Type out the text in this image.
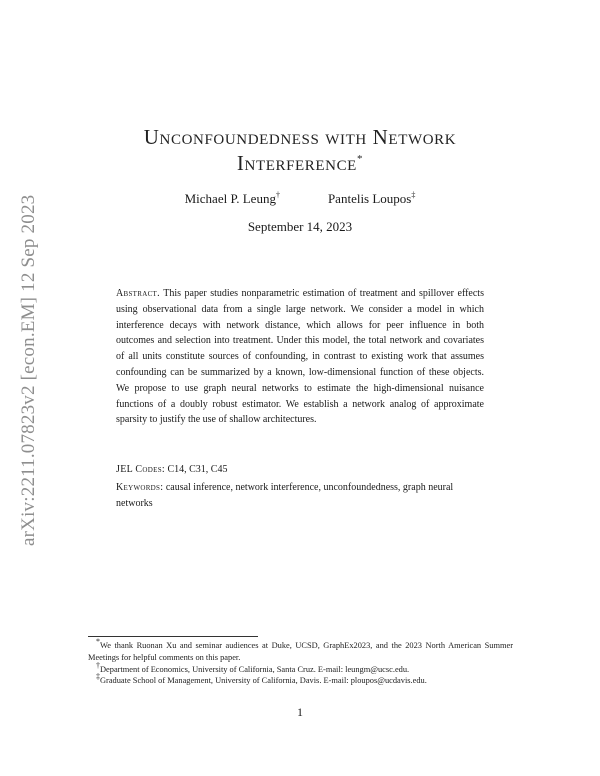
arXiv:2211.07823v2 [econ.EM] 12 Sep 2023
Unconfoundedness with Network
Interference*
Michael P. Leung†	Pantelis Loupos‡
September 14, 2023
Abstract. This paper studies nonparametric estimation of treatment and spillover effects using observational data from a single large network. We consider a model in which interference decays with network distance, which allows for peer influence in both outcomes and selection into treatment. Under this model, the total network and covariates of all units constitute sources of confounding, in contrast to existing work that assumes confounding can be summarized by a known, low-dimensional function of these objects. We propose to use graph neural networks to estimate the high-dimensional nuisance functions of a doubly robust estimator. We establish a network analog of approximate sparsity to justify the use of shallow architectures.
JEL Codes: C14, C31, C45
Keywords: causal inference, network interference, unconfoundedness, graph neural networks

*We thank Ruonan Xu and seminar audiences at Duke, UCSD, GraphEx2023, and the 2023 North American Summer Meetings for helpful comments on this paper.

†Department of Economics, University of California, Santa Cruz. E-mail: leungm@ucsc.edu.

‡Graduate School of Management, University of California, Davis. E-mail: ploupos@ucdavis.edu.

1
